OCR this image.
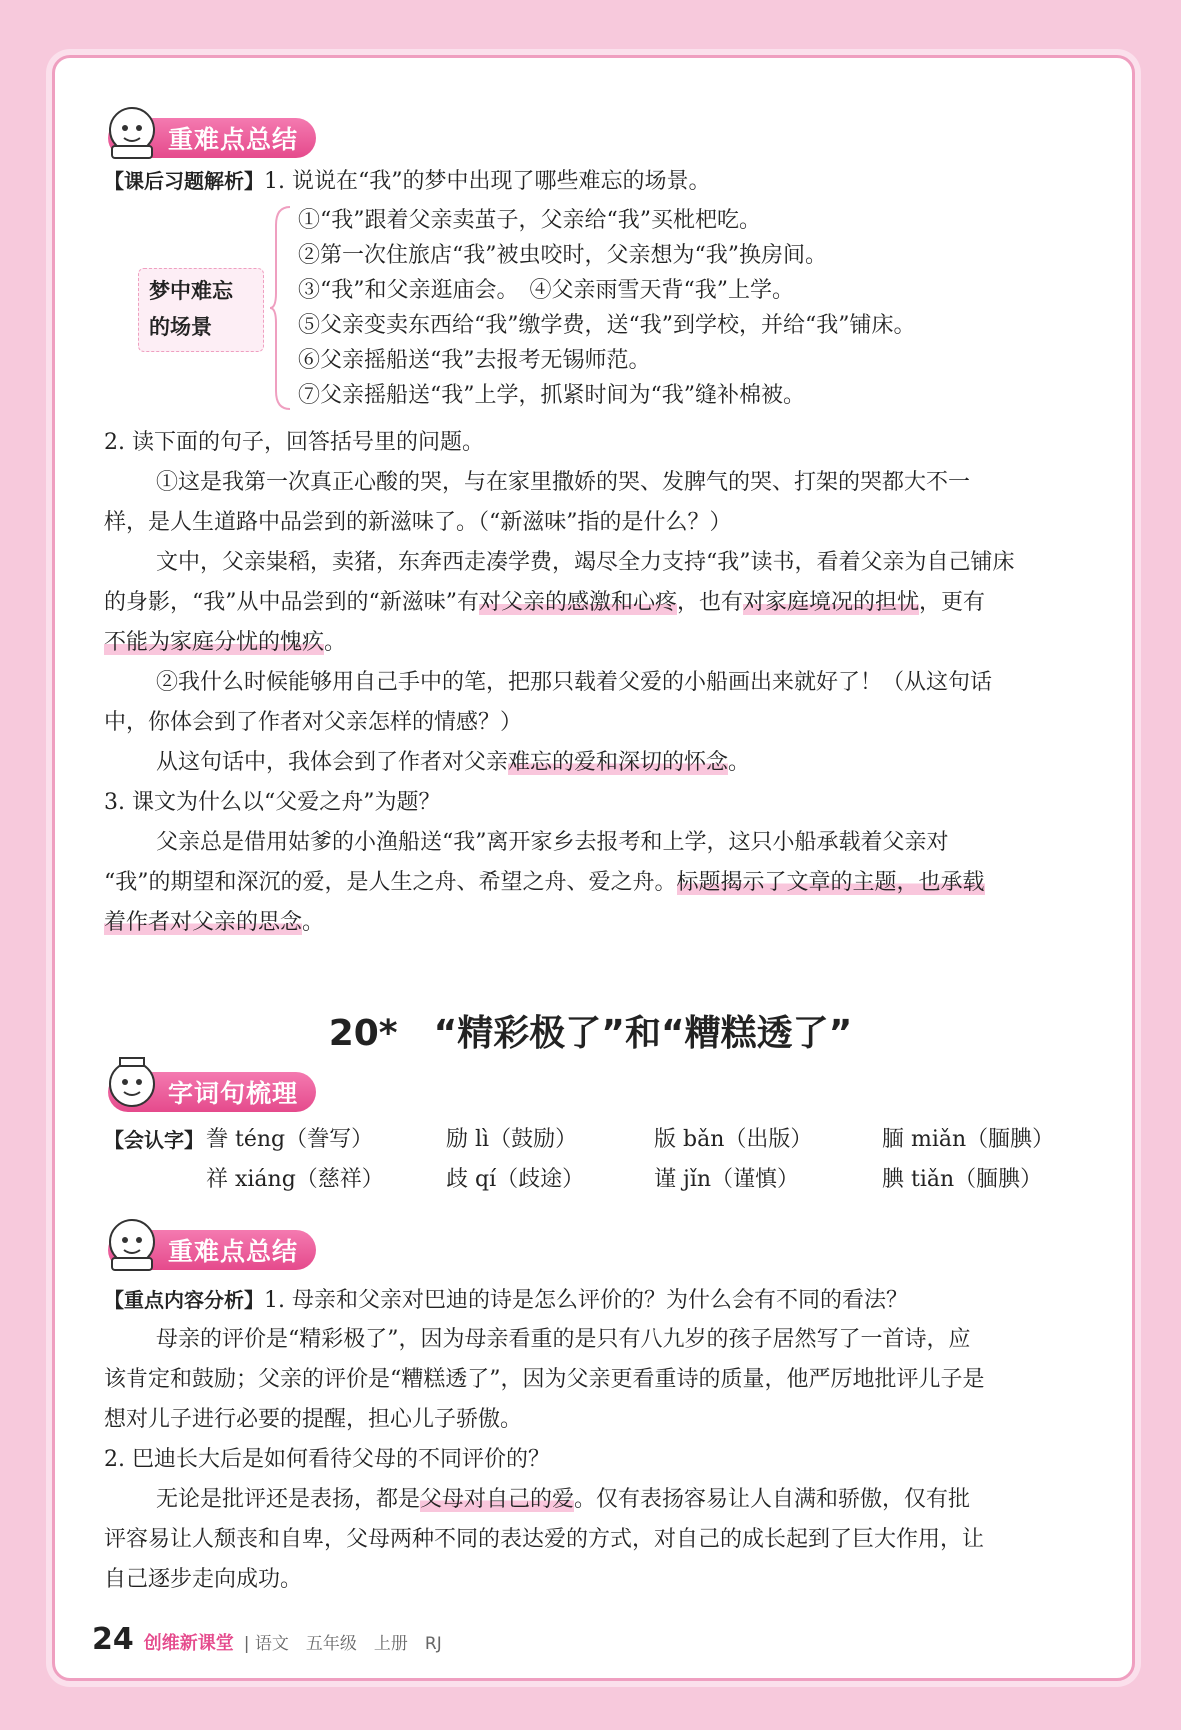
重难点总结
【课后习题解析】1. 说说在“我”的梦中出现了哪些难忘的场景。
梦中难忘
的场景
①“我”跟着父亲卖茧子，父亲给“我”买枇杷吃。
②第一次住旅店“我”被虫咬时，父亲想为“我”换房间。
③“我”和父亲逛庙会。　④父亲雨雪天背“我”上学。
⑤父亲变卖东西给“我”缴学费，送“我”到学校，并给“我”铺床。
⑥父亲摇船送“我”去报考无锡师范。
⑦父亲摇船送“我”上学，抓紧时间为“我”缝补棉被。
2. 读下面的句子，回答括号里的问题。
①这是我第一次真正心酸的哭，与在家里撒娇的哭、发脾气的哭、打架的哭都大不一
样，是人生道路中品尝到的新滋味了。（“新滋味”指的是什么？）
文中，父亲粜稻，卖猪，东奔西走凑学费，竭尽全力支持“我”读书，看着父亲为自己铺床
的身影，“我”从中品尝到的“新滋味”有对父亲的感激和心疼，也有对家庭境况的担忧，更有
不能为家庭分忧的愧疚。
②我什么时候能够用自己手中的笔，把那只载着父爱的小船画出来就好了！（从这句话
中，你体会到了作者对父亲怎样的情感？）
从这句话中，我体会到了作者对父亲难忘的爱和深切的怀念。
3. 课文为什么以“父爱之舟”为题？
父亲总是借用姑爹的小渔船送“我”离开家乡去报考和上学，这只小船承载着父亲对
“我”的期望和深沉的爱，是人生之舟、希望之舟、爱之舟。标题揭示了文章的主题，也承载
着作者对父亲的思念。
20*　“精彩极了”和“糟糕透了”
字词句梳理
【会认字】 誊 téng（誊写）	励 lì（鼓励）	版 bǎn（出版）	腼 miǎn（腼腆）
祥 xiáng（慈祥）	歧 qí（歧途）	谨 jǐn（谨慎）	腆 tiǎn（腼腆）
重难点总结
【重点内容分析】1. 母亲和父亲对巴迪的诗是怎么评价的？为什么会有不同的看法？
母亲的评价是“精彩极了”，因为母亲看重的是只有八九岁的孩子居然写了一首诗，应
该肯定和鼓励；父亲的评价是“糟糕透了”，因为父亲更看重诗的质量，他严厉地批评儿子是
想对儿子进行必要的提醒，担心儿子骄傲。
2. 巴迪长大后是如何看待父母的不同评价的？
无论是批评还是表扬，都是父母对自己的爱。仅有表扬容易让人自满和骄傲，仅有批
评容易让人颓丧和自卑，父母两种不同的表达爱的方式，对自己的成长起到了巨大作用，让
自己逐步走向成功。
24 创维新课堂 | 语文　五年级　上册　RJ
